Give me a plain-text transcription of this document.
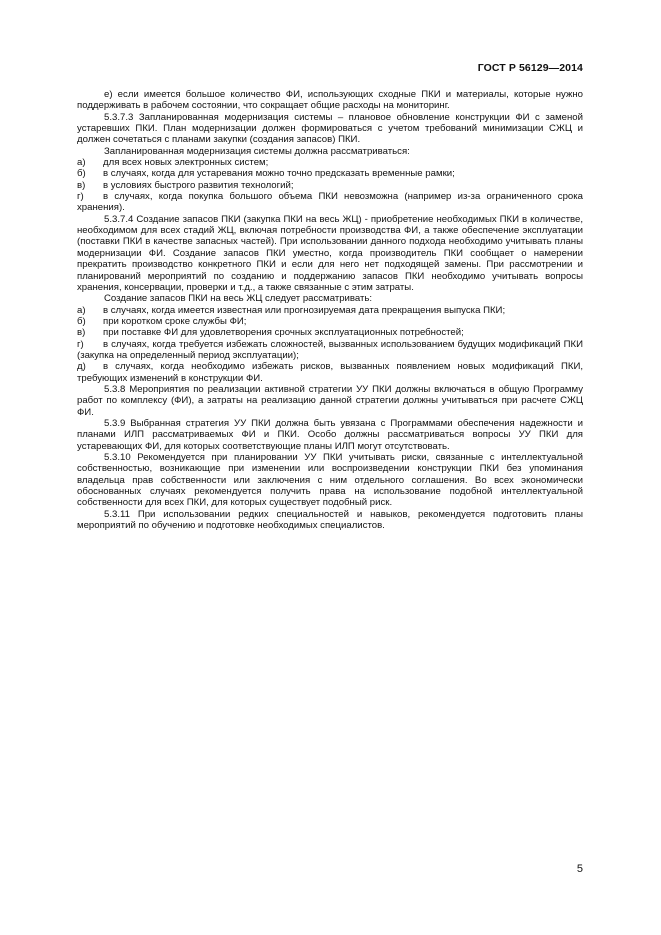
ГОСТ Р 56129—2014

е) если имеется большое количество ФИ, использующих сходные ПКИ и материалы, которые нужно поддерживать в рабочем состоянии, что сокращает общие расходы на мониторинг.

5.3.7.3 Запланированная модернизация системы – плановое обновление конструкции ФИ с заменой устаревших ПКИ. План модернизации должен формироваться с учетом требований минимизации СЖЦ и должен сочетаться с планами закупки (создания запасов) ПКИ.

Запланированная модернизация системы должна рассматриваться:

а) для всех новых электронных систем;

б) в случаях, когда для устаревания можно точно предсказать временные рамки;

в) в условиях быстрого развития технологий;

г) в случаях, когда покупка большого объема ПКИ невозможна (например из-за ограниченного срока хранения).

5.3.7.4 Создание запасов ПКИ (закупка ПКИ на весь ЖЦ) - приобретение необходимых ПКИ в количестве, необходимом для всех стадий ЖЦ, включая потребности производства ФИ, а также обеспечение эксплуатации (поставки ПКИ в качестве запасных частей). При использовании данного подхода необходимо учитывать планы модернизации ФИ. Создание запасов ПКИ уместно, когда производитель ПКИ сообщает о намерении прекратить производство конкретного ПКИ и если для него нет подходящей замены. При рассмотрении и планирований мероприятий по созданию и поддержанию запасов ПКИ необходимо учитывать вопросы хранения, консервации, проверки и т.д., а также связанные с этим затраты.

Создание запасов ПКИ на весь ЖЦ следует рассматривать:

а) в случаях, когда имеется известная или прогнозируемая дата прекращения выпуска ПКИ;

б) при коротком сроке службы ФИ;

в) при поставке ФИ для удовлетворения срочных эксплуатационных потребностей;

г) в случаях, когда требуется избежать сложностей, вызванных использованием будущих модификаций ПКИ (закупка на определенный период эксплуатации);

д) в случаях, когда необходимо избежать рисков, вызванных появлением новых модификаций ПКИ, требующих изменений в конструкции ФИ.

5.3.8 Мероприятия по реализации активной стратегии УУ ПКИ должны включаться в общую Программу работ по комплексу (ФИ), а затраты на реализацию данной стратегии должны учитываться при расчете СЖЦ ФИ.

5.3.9 Выбранная стратегия УУ ПКИ должна быть увязана с Программами обеспечения надежности и планами ИЛП рассматриваемых ФИ и ПКИ. Особо должны рассматриваться вопросы УУ ПКИ для устаревающих ФИ, для которых соответствующие планы ИЛП могут отсутствовать.

5.3.10 Рекомендуется при планировании УУ ПКИ учитывать риски, связанные с интеллектуальной собственностью, возникающие при изменении или воспроизведении конструкции ПКИ без упоминания владельца прав собственности или заключения с ним отдельного соглашения. Во всех экономически обоснованных случаях рекомендуется получить права на использование подобной интеллектуальной собственности для всех ПКИ, для которых существует подобный риск.

5.3.11 При использовании редких специальностей и навыков, рекомендуется подготовить планы мероприятий по обучению и подготовке необходимых специалистов.

5
